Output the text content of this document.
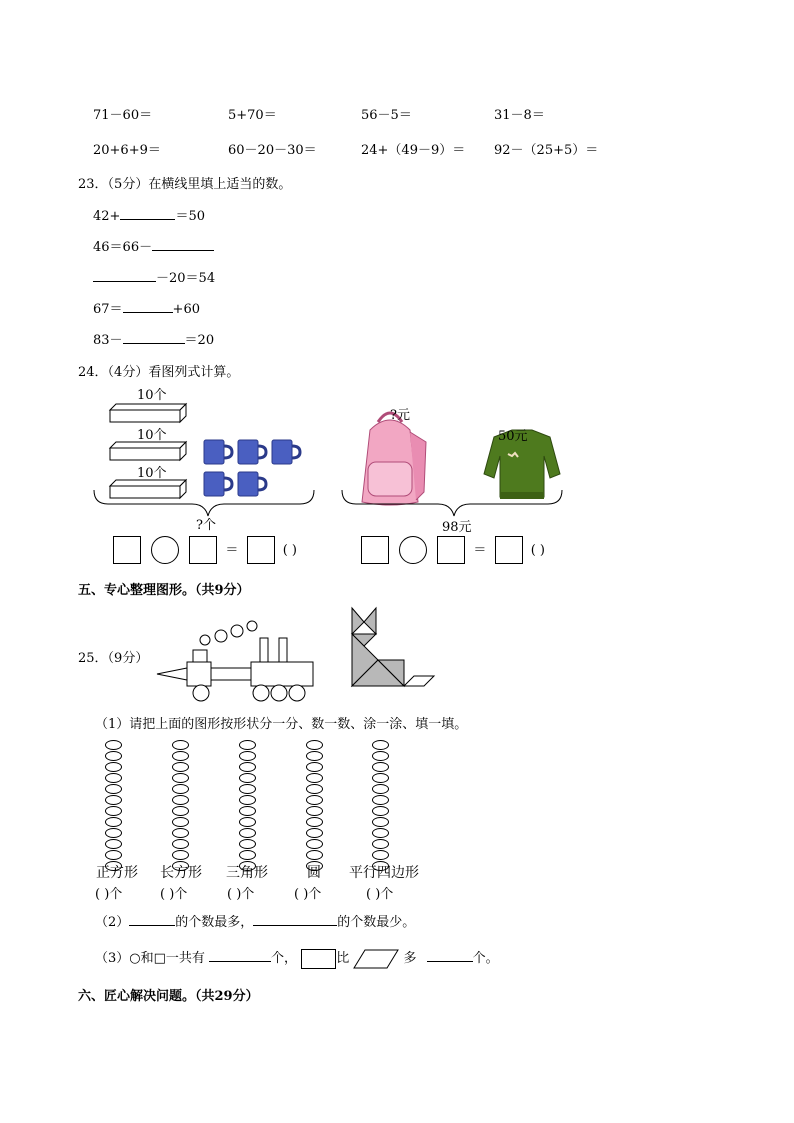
71－60＝	5+70＝	56－5＝	31－8＝
20+6+9＝	60－20－30＝	24+（49－9）＝ 92－（25+5）＝
23．（5分）在横线里填上适当的数。
42+	＝50
46＝66－
－20＝54
67＝	+60
83－	＝20
24．（4分）看图列式计算。
10个
10个
10个
?个
＝	( )
?元
50元
98元
＝	( )
五、专心整理图形。（共9分）
25．（9分）
（1）请把上面的图形按形状分一分、数一数、涂一涂、填一填。
正方形 长方形 三角形	圆 平行四边形
( )个	( )个	( )个	( )个	( )个
（2）	的个数最多，	的个数最少。
（3）○和□一共有	个，	比	多	个。
六、匠心解决问题。（共29分）
